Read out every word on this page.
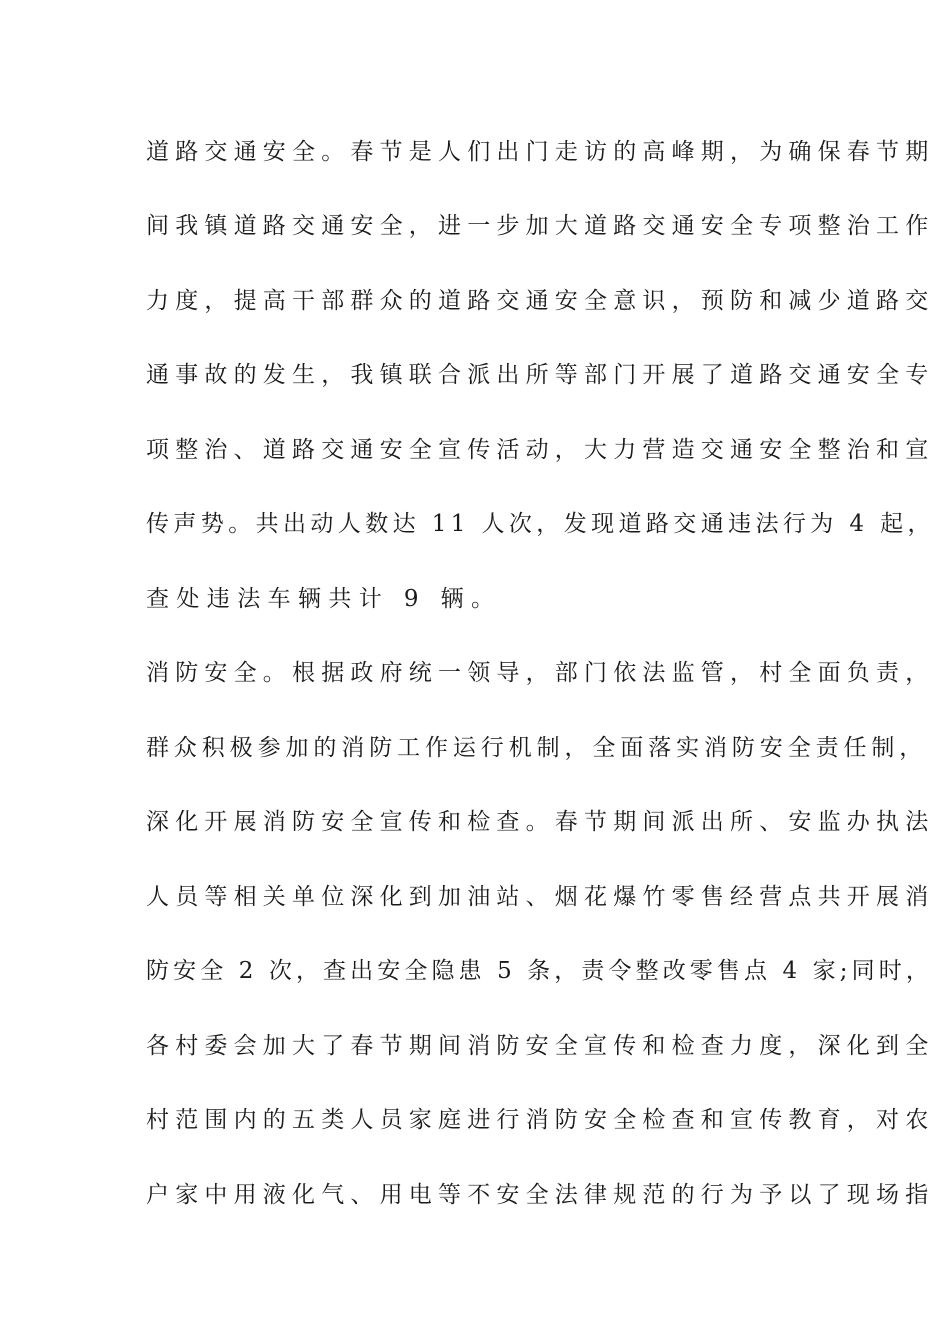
道路交通安全。春节是人们出门走访的高峰期，为确保春节期

间我镇道路交通安全，进一步加大道路交通安全专项整治工作

力度，提高干部群众的道路交通安全意识，预防和减少道路交

通事故的发生，我镇联合派出所等部门开展了道路交通安全专

项整治、道路交通安全宣传活动，大力营造交通安全整治和宣

传声势。共出动人数达 11 人次，发现道路交通违法行为 4 起，

查处违法车辆共计 9 辆。

消防安全。根据政府统一领导，部门依法监管，村全面负责，

群众积极参加的消防工作运行机制，全面落实消防安全责任制，

深化开展消防安全宣传和检查。春节期间派出所、安监办执法

人员等相关单位深化到加油站、烟花爆竹零售经营点共开展消

防安全 2 次，查出安全隐患 5 条，责令整改零售点 4 家;同时，

各村委会加大了春节期间消防安全宣传和检查力度，深化到全

村范围内的五类人员家庭进行消防安全检查和宣传教育，对农

户家中用液化气、用电等不安全法律规范的行为予以了现场指
